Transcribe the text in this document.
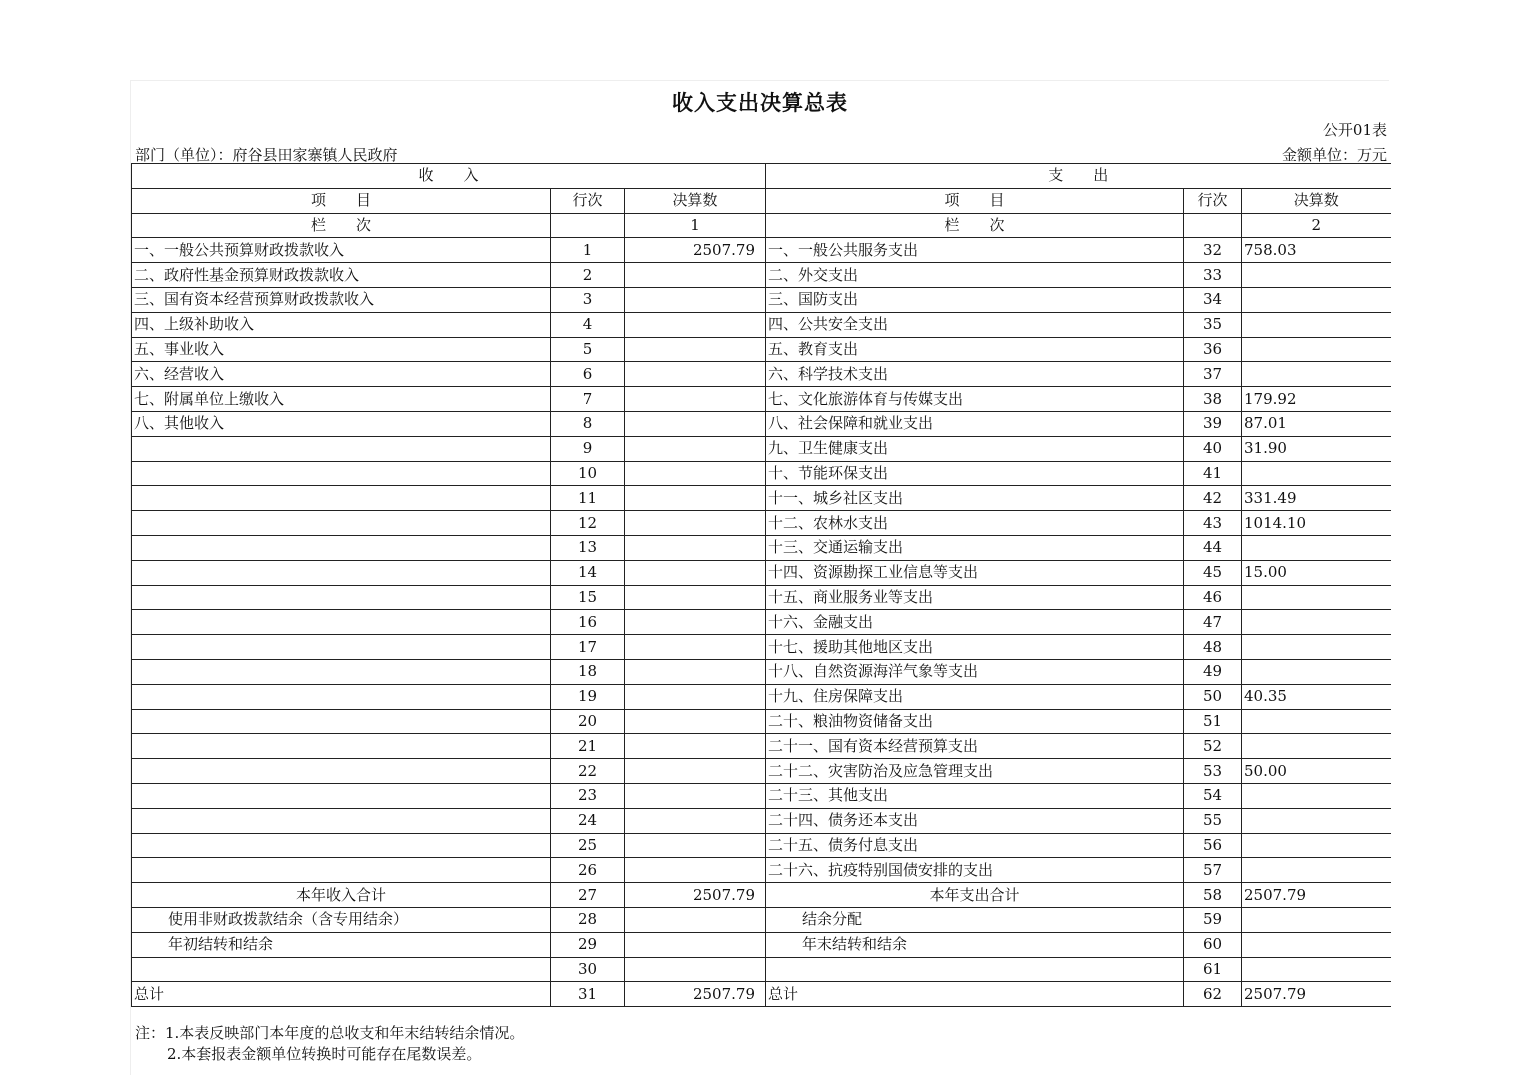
收入支出决算总表
公开01表
部门（单位）：府谷县田家寨镇人民政府	金额单位：万元
收　　入			支　　出		
项　　目	行次	决算数	项　　目	行次	决算数
栏　　次		1	栏　　次		2
一、一般公共预算财政拨款收入	1	2507.79	一、一般公共服务支出	32	758.03
二、政府性基金预算财政拨款收入	2		二、外交支出	33	
三、国有资本经营预算财政拨款收入	3		三、国防支出	34	
四、上级补助收入	4		四、公共安全支出	35	
五、事业收入	5		五、教育支出	36	
六、经营收入	6		六、科学技术支出	37	
七、附属单位上缴收入	7		七、文化旅游体育与传媒支出	38	179.92
八、其他收入	8		八、社会保障和就业支出	39	87.01
	9		九、卫生健康支出	40	31.90
	10		十、节能环保支出	41	
	11		十一、城乡社区支出	42	331.49
	12		十二、农林水支出	43	1014.10
	13		十三、交通运输支出	44	
	14		十四、资源勘探工业信息等支出	45	15.00
	15		十五、商业服务业等支出	46	
	16		十六、金融支出	47	
	17		十七、援助其他地区支出	48	
	18		十八、自然资源海洋气象等支出	49	
	19		十九、住房保障支出	50	40.35
	20		二十、粮油物资储备支出	51	
	21		二十一、国有资本经营预算支出	52	
	22		二十二、灾害防治及应急管理支出	53	50.00
	23		二十三、其他支出	54	
	24		二十四、债务还本支出	55	
	25		二十五、债务付息支出	56	
	26		二十六、抗疫特别国债安排的支出	57	
本年收入合计	27	2507.79	本年支出合计	58	2507.79
使用非财政拨款结余（含专用结余）	28		结余分配	59	
年初结转和结余	29		年末结转和结余	60	
	30			61	
总计	31	2507.79	总计	62	2507.79
注：1.本表反映部门本年度的总收支和年末结转结余情况。
2.本套报表金额单位转换时可能存在尾数误差。
